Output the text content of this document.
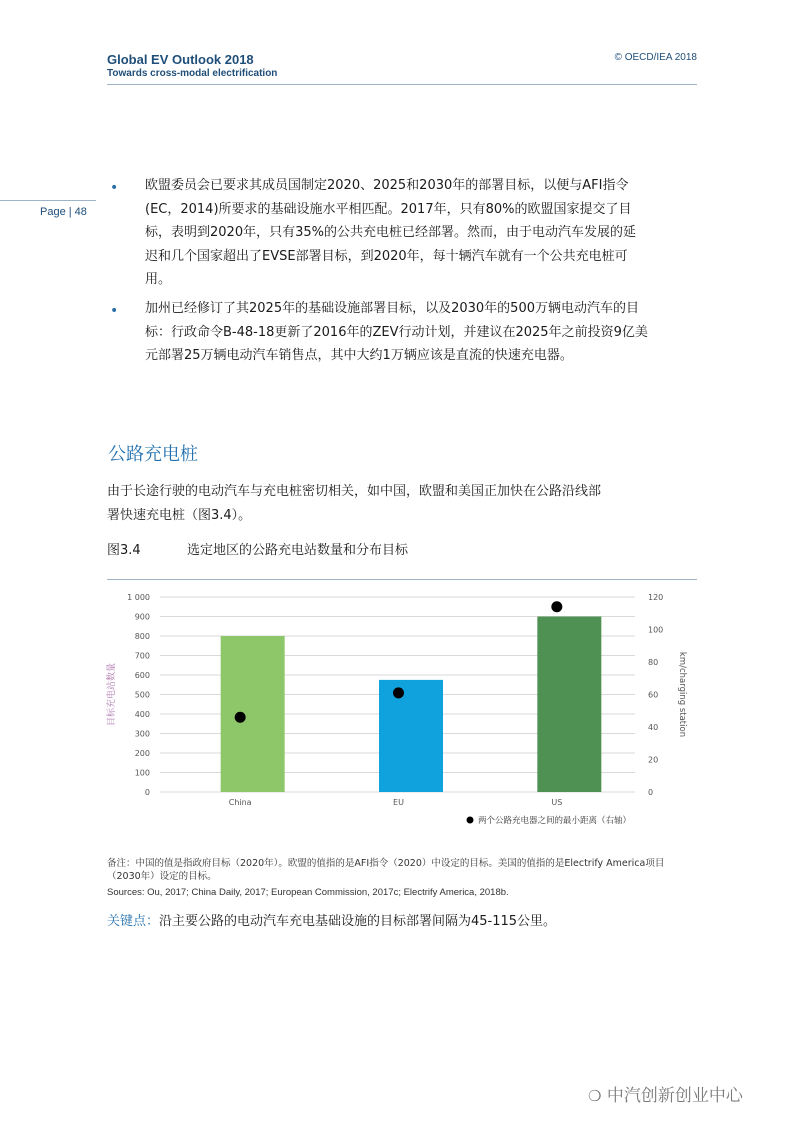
Global EV Outlook 2018
Towards cross-modal electrification
© OECD/IEA 2018
Page | 48
• 欧盟委员会已要求其成员国制定2020、2025和2030年的部署目标，以便与AFI指令
(EC，2014)所要求的基础设施水平相匹配。2017年，只有80%的欧盟国家提交了目
标，表明到2020年，只有35%的公共充电桩已经部署。然而，由于电动汽车发展的延
迟和几个国家超出了EVSE部署目标，到2020年，每十辆汽车就有一个公共充电桩可
用。
• 加州已经修订了其2025年的基础设施部署目标，以及2030年的500万辆电动汽车的目
标：行政命令B-48-18更新了2016年的ZEV行动计划，并建议在2025年之前投资9亿美
元部署25万辆电动汽车销售点，其中大约1万辆应该是直流的快速充电器。
公路充电桩
由于长途行驶的电动汽车与充电桩密切相关，如中国，欧盟和美国正加快在公路沿线部
署快速充电桩（图3.4）。
图3.4	选定地区的公路充电站数量和分布目标
1 000
900
800
700
600
500
400
300
200
100
0
120
100
80
60
40
20
0
目标充电站数量	km/charging station
China	EU	US
两个公路充电器之间的最小距离（右轴）
备注：中国的值是指政府目标（2020年）。欧盟的值指的是AFI指令（2020）中设定的目标。美国的值指的是Electrify America项目（2030年）设定的目标。
Sources: Ou, 2017; China Daily, 2017; European Commission, 2017c; Electrify America, 2018b.
关键点：沿主要公路的电动汽车充电基础设施的目标部署间隔为45-115公里。
❍ 中汽创新创业中心
